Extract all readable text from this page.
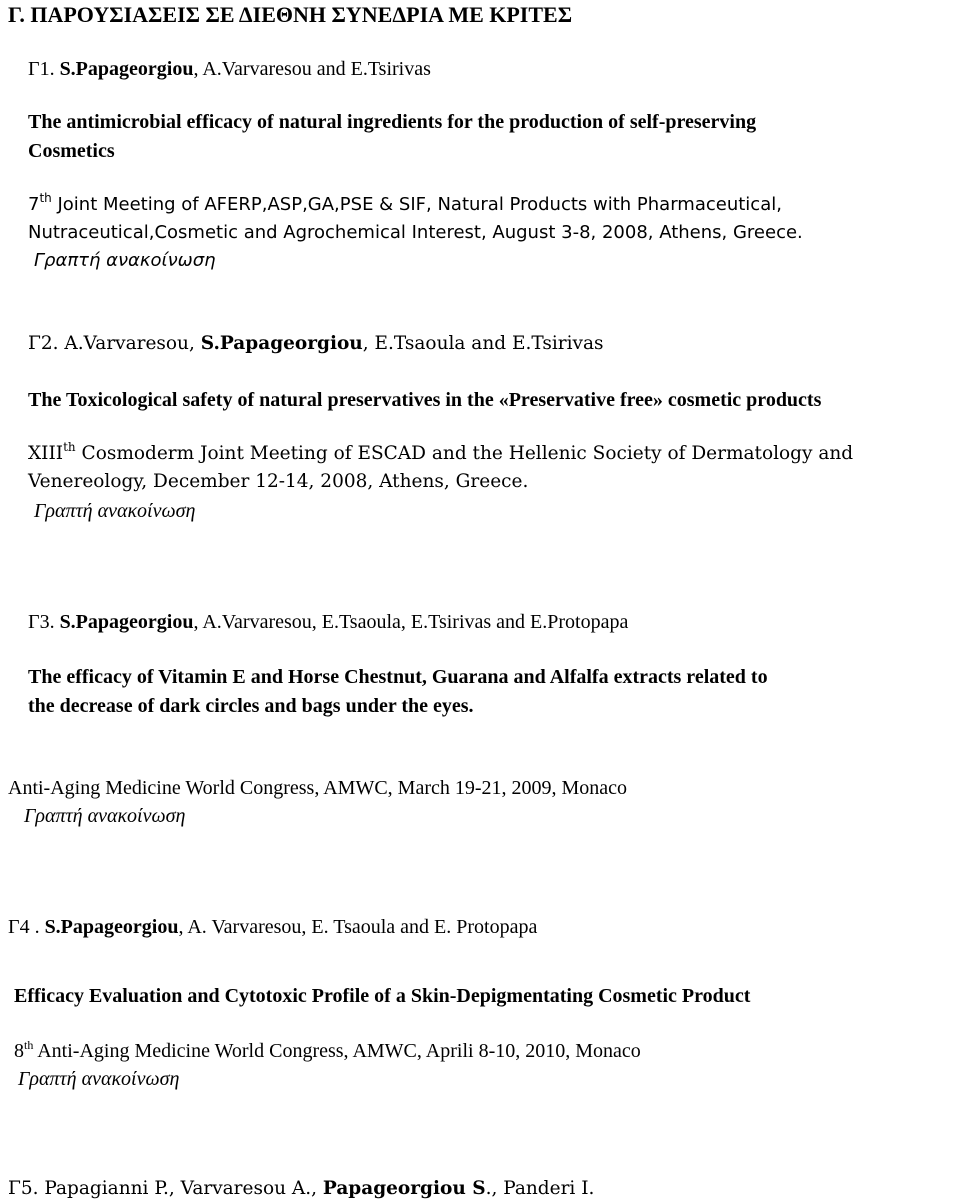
Γ. ΠΑΡΟΥΣΙΑΣΕΙΣ ΣΕ ΔΙΕΘΝΗ ΣΥΝΕΔΡΙΑ ΜΕ ΚΡΙΤΕΣ
Γ1. S.Papageorgiou, A.Varvaresou and E.Tsirivas
The antimicrobial efficacy of natural ingredients for the production of self-preserving
Cosmetics
7th Joint Meeting of AFERP,ASP,GA,PSE & SIF, Natural Products with Pharmaceutical,
Nutraceutical,Cosmetic and Agrochemical Interest, August 3-8, 2008, Athens, Greece.
Γραπτή ανακοίνωση
Γ2. A.Varvaresou, S.Papageorgiou, E.Tsaoula and E.Tsirivas
The Toxicological safety of natural preservatives in the «Preservative free» cosmetic products
XIIIth Cosmoderm Joint Meeting of ESCAD and the Hellenic Society of Dermatology and
Venereology, December 12-14, 2008, Athens, Greece.
Γραπτή ανακοίνωση
Γ3. S.Papageorgiou, A.Varvaresou, E.Tsaoula, E.Tsirivas and E.Protopapa
The efficacy of Vitamin E and Horse Chestnut, Guarana and Alfalfa extracts related to
the decrease of dark circles and bags under the eyes.
Anti-Aging Medicine World Congress, AMWC, March 19-21, 2009, Monaco
Γραπτή ανακοίνωση
Γ4 . S.Papageorgiou, A. Varvaresou, E. Tsaoula and E. Protopapa
Efficacy Evaluation and Cytotoxic Profile of a Skin-Depigmentating Cosmetic Product
8th Anti-Aging Medicine World Congress, AMWC, Aprili 8-10, 2010, Monaco
Γραπτή ανακοίνωση
Γ5. Papagianni P., Varvaresou A., Papageorgiou S., Panderi I.
